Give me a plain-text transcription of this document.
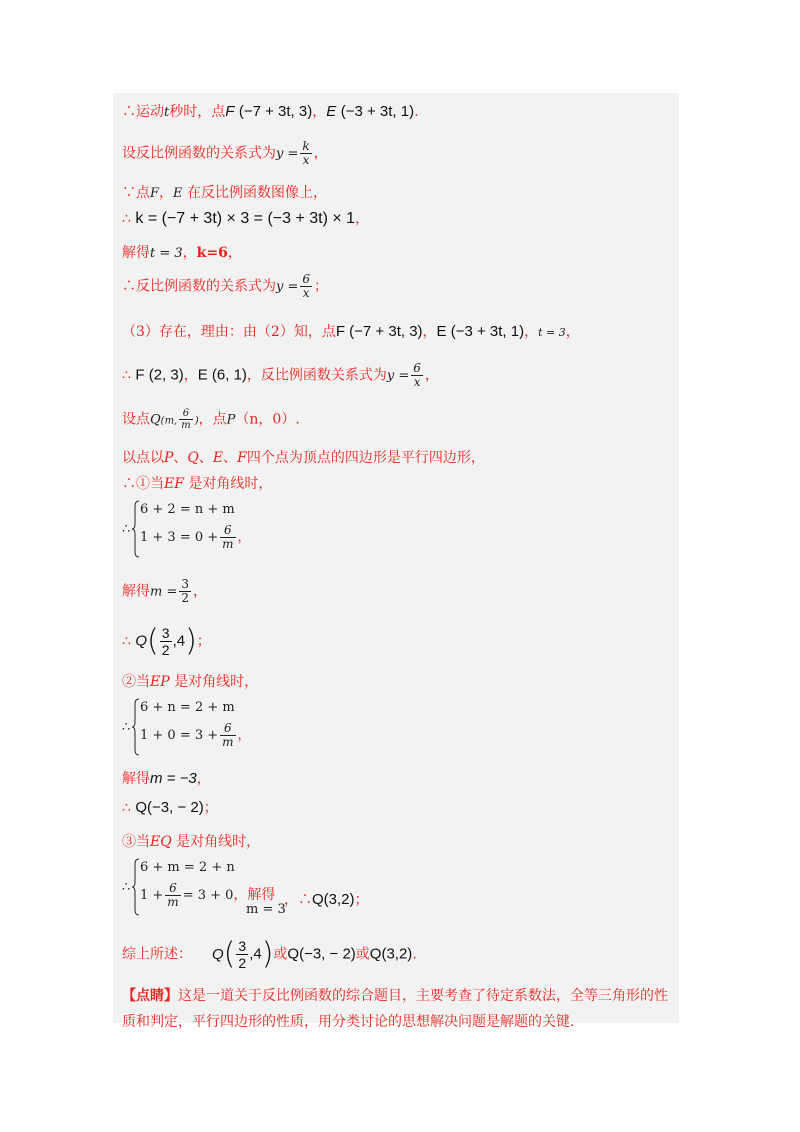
∴运动t秒时，点F (−7 + 3t, 3)，E (−3 + 3t, 1).
设反比例函数的关系式为$y = \frac{k}{x}$ ，
∵点F，E 在反比例函数图像上，
∴ k = (−7 + 3t) × 3 = (−3 + 3t) × 1，
解得t = 3，k=6，
∴反比例函数的关系式为$y = \frac{6}{x}$ ；
（3）存在，理由：由（2）知，点F (−7 + 3t, 3)，E (−3 + 3t, 1)，t = 3，
∴ F (2, 3)，E (6, 1)，反比例函数关系式为$y = \frac{6}{x}$ ，
设点Q(m, $\frac{6}{m}$ )，点P（n，0）.
以点以P、Q、E、F四个点为顶点的四边形是平行四边形，
∴①当EF 是对角线时，
∴
6 + 2 = n + m
$1 + 3 = 0 + \frac{6}{m}$ ，
解得$m = \frac{3}{2}$ ，
∴ $Q( \frac{3}{2} ,4)$；
②当EP 是对角线时，
∴
6 + n = 2 + m
$1 + 0 = 3 + \frac{6}{m}$ ，
解得m = −3，
∴ Q(−3, − 2)；
③当EQ 是对角线时，
∴
6 + m = 2 + n
$1 + \frac{6}{m} = 3 + 0$，解得
m = 3
，∴Q(3,2)；
综上所述： $Q( \frac{3}{2} ,4)$或Q(−3, − 2)或Q(3,2).
【点睛】这是一道关于反比例函数的综合题目，主要考查了待定系数法，全等三角形的性
质和判定，平行四边形的性质，用分类讨论的思想解决问题是解题的关键.
